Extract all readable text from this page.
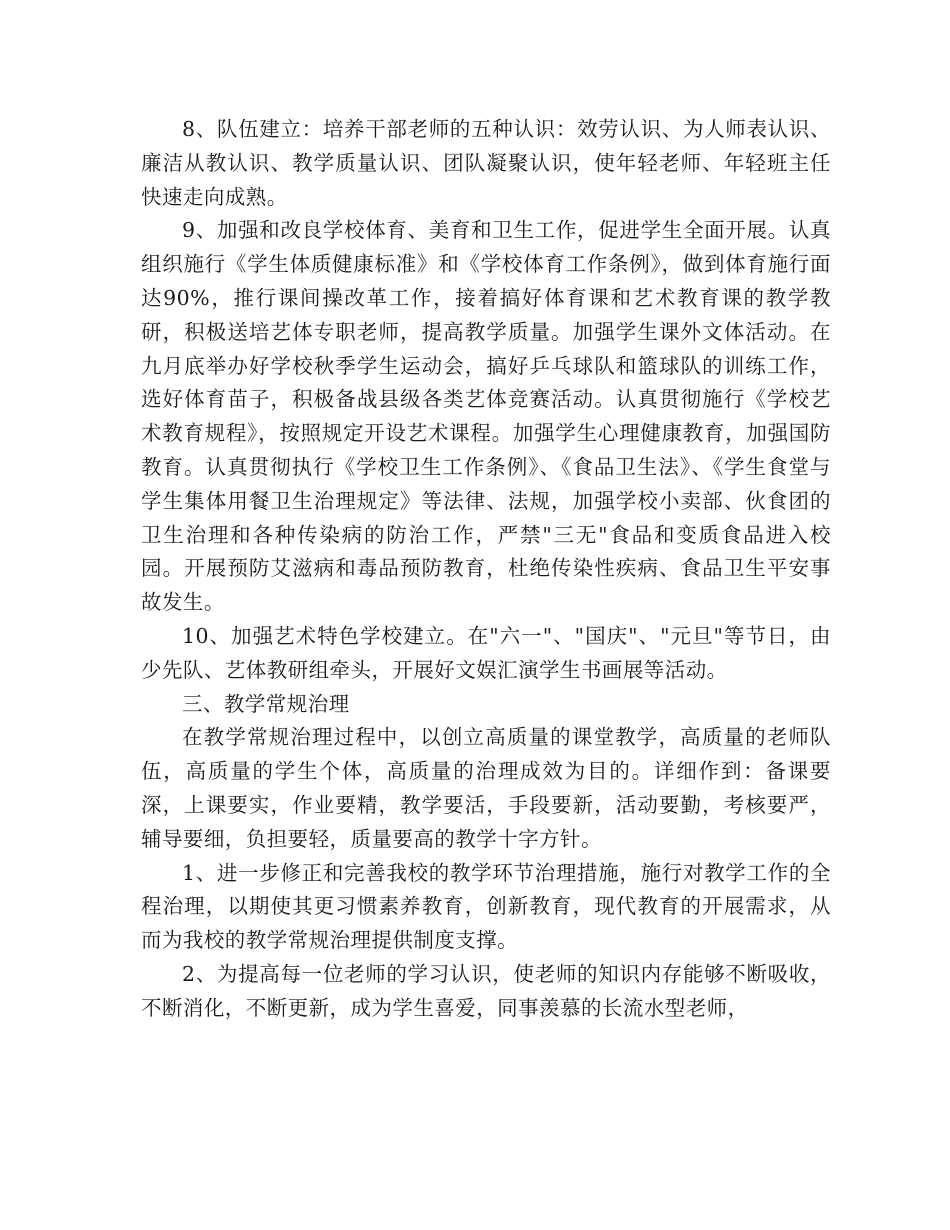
8、队伍建立：培养干部老师的五种认识：效劳认识、为人师表认识、廉洁从教认识、教学质量认识、团队凝聚认识，使年轻老师、年轻班主任快速走向成熟。

9、加强和改良学校体育、美育和卫生工作，促进学生全面开展。认真组织施行《学生体质健康标准》和《学校体育工作条例》，做到体育施行面达90%，推行课间操改革工作，接着搞好体育课和艺术教育课的教学教研，积极送培艺体专职老师，提高教学质量。加强学生课外文体活动。在九月底举办好学校秋季学生运动会，搞好乒乓球队和篮球队的训练工作，选好体育苗子，积极备战县级各类艺体竞赛活动。认真贯彻施行《学校艺术教育规程》，按照规定开设艺术课程。加强学生心理健康教育，加强国防教育。认真贯彻执行《学校卫生工作条例》、《食品卫生法》、《学生食堂与学生集体用餐卫生治理规定》等法律、法规，加强学校小卖部、伙食团的卫生治理和各种传染病的防治工作，严禁"三无"食品和变质食品进入校园。开展预防艾滋病和毒品预防教育，杜绝传染性疾病、食品卫生平安事故发生。

10、加强艺术特色学校建立。在"六一"、"国庆"、"元旦"等节日，由少先队、艺体教研组牵头，开展好文娱汇演学生书画展等活动。

三、教学常规治理

在教学常规治理过程中，以创立高质量的课堂教学，高质量的老师队伍，高质量的学生个体，高质量的治理成效为目的。详细作到：备课要深，上课要实，作业要精，教学要活，手段要新，活动要勤，考核要严，辅导要细，负担要轻，质量要高的教学十字方针。

1、进一步修正和完善我校的教学环节治理措施，施行对教学工作的全程治理，以期使其更习惯素养教育，创新教育，现代教育的开展需求，从而为我校的教学常规治理提供制度支撑。

2、为提高每一位老师的学习认识，使老师的知识内存能够不断吸收，不断消化，不断更新，成为学生喜爱，同事羡慕的长流水型老师，
